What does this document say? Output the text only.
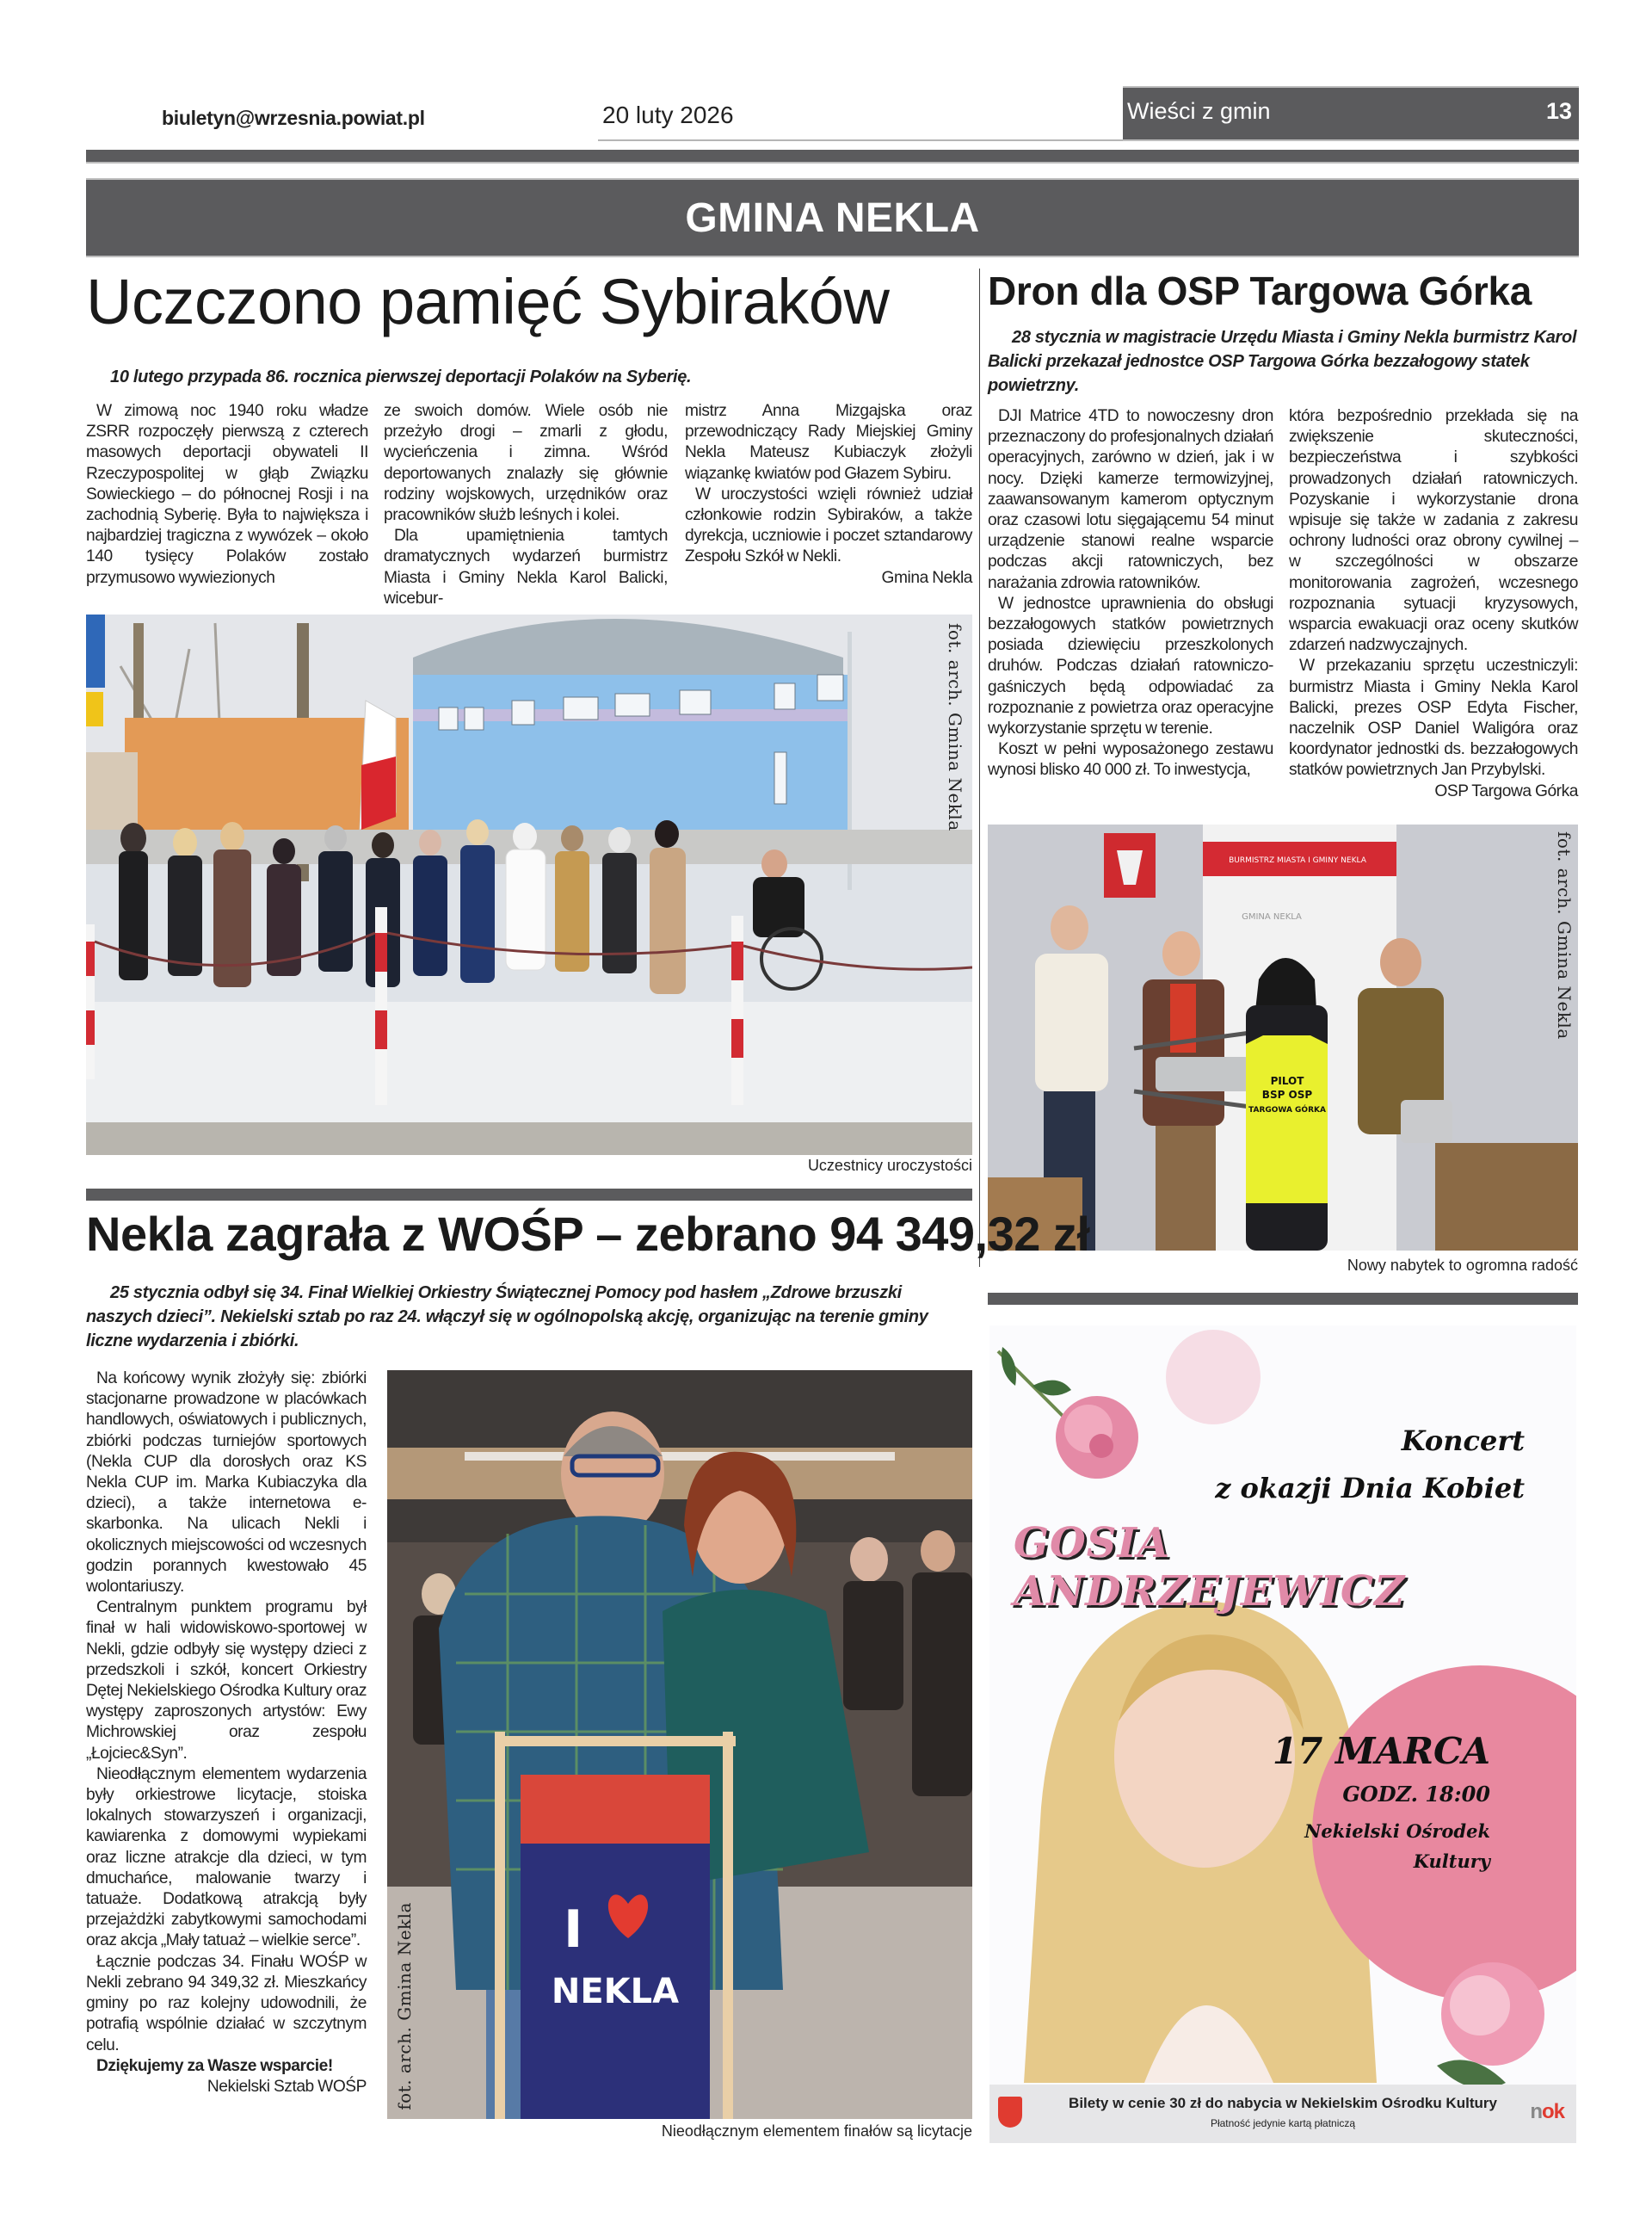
biuletyn@wrzesnia.powiat.pl	20 luty 2026	Wieści z gmin	13
GMINA NEKLA
fot. arch. Gmina Nekla
BURMISTRZ MIASTA I GMINY NEKLA
GMINA NEKLA
PILOT
BSP OSP
TARGOWA GÓRKA
fot. arch. Gmina Nekla
I
NEKLA
fot. arch. Gmina Nekla
Uczczono pamięć Sybiraków
10 lutego przypada 86. rocznica pierwszej deportacji Polaków na Syberię.

W zimową noc 1940 roku władze ZSRR rozpoczęły pierwszą z czterech masowych deportacji obywateli II Rzeczypospolitej w głąb Związku Sowieckiego – do północnej Rosji i na zachodnią Syberię. Była to największa i najbardziej tragiczna z wywózek – około 140 tysięcy Polaków zostało przymusowo wywiezionych

ze swoich domów. Wiele osób nie przeżyło drogi – zmarli z głodu, wycieńczenia i zimna. Wśród deportowanych znalazły się głównie rodziny wojskowych, urzędników oraz pracowników służb leśnych i kolei.

Dla upamiętnienia tamtych dramatycznych wydarzeń burmistrz Miasta i Gminy Nekla Karol Balicki, wicebur-

mistrz Anna Mizgajska oraz przewodniczący Rady Miejskiej Gminy Nekla Mateusz Kubiaczyk złożyli wiązankę kwiatów pod Głazem Sybiru.

W uroczystości wzięli również udział członkowie rodzin Sybiraków, a także dyrekcja, uczniowie i poczet sztandarowy Zespołu Szkół w Nekli.

Gmina Nekla

Uczestnicy uroczystości
Nekla zagrała z WOŚP – zebrano 94 349,32 zł
25 stycznia odbył się 34. Finał Wielkiej Orkiestry Świątecznej Pomocy pod hasłem „Zdrowe brzuszki naszych dzieci”. Nekielski sztab po raz 24. włączył się w ogólnopolską akcję, organizując na terenie gminy liczne wydarzenia i zbiórki.

Na końcowy wynik złożyły się: zbiórki stacjonarne prowadzone w placówkach handlowych, oświatowych i publicznych, zbiórki podczas turniejów sportowych (Nekla CUP dla dorosłych oraz KS Nekla CUP im. Marka Kubiaczyka dla dzieci), a także internetowa e-skarbonka. Na ulicach Nekli i okolicznych miejscowości od wczesnych godzin porannych kwestowało 45 wolontariuszy.

Centralnym punktem programu był finał w hali widowiskowo-sportowej w Nekli, gdzie odbyły się występy dzieci z przedszkoli i szkół, koncert Orkiestry Dętej Nekielskiego Ośrodka Kultury oraz występy zaproszonych artystów: Ewy Michrowskiej oraz zespołu „Łojciec&Syn”.

Nieodłącznym elementem wydarzenia były orkiestrowe licytacje, stoiska lokalnych stowarzyszeń i organizacji, kawiarenka z domowymi wypiekami oraz liczne atrakcje dla dzieci, w tym dmuchańce, malowanie twarzy i tatuaże. Dodatkową atrakcją były przejażdżki zabytkowymi samochodami oraz akcja „Mały tatuaż – wielkie serce”.

Łącznie podczas 34. Finału WOŚP w Nekli zebrano 94 349,32 zł. Mieszkańcy gminy po raz kolejny udowodnili, że potrafią wspólnie działać w szczytnym celu.

Dziękujemy za Wasze wsparcie!

Nekielski Sztab WOŚP

Nieodłącznym elementem finałów są licytacje
Dron dla OSP Targowa Górka
28 stycznia w magistracie Urzędu Miasta i Gminy Nekla burmistrz Karol Balicki przekazał jednostce OSP Targowa Górka bezzałogowy statek powietrzny.

DJI Matrice 4TD to nowoczesny dron przeznaczony do profesjonalnych działań operacyjnych, zarówno w dzień, jak i w nocy. Dzięki kamerze termowizyjnej, zaawansowanym kamerom optycznym oraz czasowi lotu sięgającemu 54 minut urządzenie stanowi realne wsparcie podczas akcji ratowniczych, bez narażania zdrowia ratowników.

W jednostce uprawnienia do obsługi bezzałogowych statków powietrznych posiada dziewięciu przeszkolonych druhów. Podczas działań ratowniczo-gaśniczych będą odpowiadać za rozpoznanie z powietrza oraz operacyjne wykorzystanie sprzętu w terenie.

Koszt w pełni wyposażonego zestawu wynosi blisko 40 000 zł. To inwestycja,

która bezpośrednio przekłada się na zwiększenie skuteczności, bezpieczeństwa i szybkości prowadzonych działań ratowniczych. Pozyskanie i wykorzystanie drona wpisuje się także w zadania z zakresu ochrony ludności oraz obrony cywilnej – w szczególności w obszarze monitorowania zagrożeń, wczesnego rozpoznania sytuacji kryzysowych, wsparcia ewakuacji oraz oceny skutków zdarzeń nadzwyczajnych.

W przekazaniu sprzętu uczestniczyli: burmistrz Miasta i Gminy Nekla Karol Balicki, prezes OSP Edyta Fischer, naczelnik OSP Daniel Waligóra oraz koordynator jednostki ds. bezzałogowych statków powietrznych Jan Przybylski.

OSP Targowa Górka

Nowy nabytek to ogromna radość
Koncert
z okazji Dnia Kobiet
GOSIA ANDRZEJEWICZ
17 MARCA
GODZ. 18:00
Nekielski Ośrodek
Kultury
Bilety w cenie 30 zł do nabycia w Nekielskim Ośrodku Kultury
Płatność jedynie kartą płatniczą	nok
